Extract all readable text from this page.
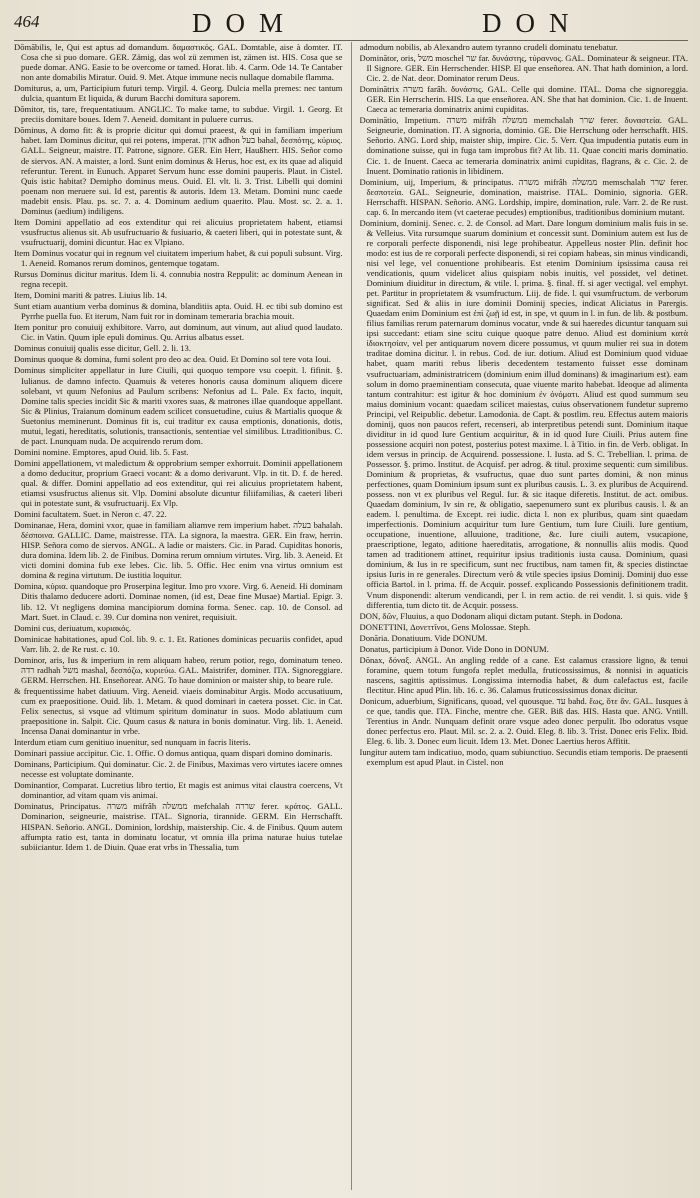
464	DOM	DON

Dōmābilis, le, Qui est aptus ad domandum. δαμαστικός. GAL. Domtable, aise à domter. IT. Cosa che si puo domare. GER. Zämig, das wol zü zemmen ist, zämen ist. HIS. Cosa que se puede domar. ANG. Easie to be overcome or tamed. Horat. lib. 4. Carm. Ode 14. Te Cantaber non ante domabilis Miratur. Ouid. 9. Met. Atque immune necis nullaque domabile flamma.

Domiturus, a, um, Participium futuri temp. Virgil. 4. Georg. Dulcia mella premes: nec tantum dulcia, quantum Et liquida, & durum Bacchi domitura saporem.

Dōmitor, tis, tare, frequentatiuum. ANGLIC. To make tame, to subdue. Virgil. 1. Georg. Et preciis domitare boues. Idem 7. Aeneid. domitant in puluere currus.

Dōminus, A domo fit: & is proprie dicitur qui domui praeest, & qui in familiam imperium habet. Iam Dominus dicitur, qui rei potens, imperat. אדון adhon בעל bahal, δεσπότης, κύριος. GALL. Seigneur, maistre. IT. Patrone, signore. GER. Ein Herr, Haußherr. HIS. Señor como de siervos. AN. A maister, a lord. Sunt enim dominus & Herus, hoc est, ex its quae ad aliquid referuntur. Terent. in Eunuch. Apparet Servum hunc esse domini pauperis. Plaut. in Cistel. Quis istic habitat? Demipho dominus meus. Ouid. El. vlt. li. 3. Trist. Libelli qui domini poenam non meruere sui. Id est, parentis & autoris. Idem 13. Metam. Domini nunc caede madebit ensis. Plau. ps. sc. 7. a. 4. Dominum aedium quaerito. Plau. Most. sc. 2. a. 1. Dominus (aedium) indiligens.

Item Domini appellatio ad eos extenditur qui rei alicuius proprietatem habent, etiamsi vsusfructus alienus sit. Ab usufructuario & fusiuario, & caeteri liberi, qui in potestate sunt, & vsufructuarij, domini dicuntur. Hac ex Vlpiano.

Item Dominus vocatur qui in regnum vel ciuitatem imperium habet, & cui populi subsunt. Virg. 1. Aeneid. Romanos rerum dominos, gentemque togatam.

Rursus Dominus dicitur maritus. Idem li. 4. connubia nostra Reppulit: ac dominum Aenean in regna recepit.

Item, Domini mariti & patres. Liuius lib. 14.

Sunt etiam auantium verba dominus & domina, blanditiis apta. Ouid. H. ec tibi sub domino est Pyrrhe puella fuo. Et iterum, Nam fuit ror in dominam temeraria brachia mouit.

Item ponitur pro conuiuij exhibitore. Varro, aut dominum, aut vinum, aut aliud quod laudato. Cic. in Vatin. Quum iple epuli dominus. Qu. Arrius albatus esset.

Dominus conuiuij qualis esse dicitur, Gell. 2. li. 13.

Dominus quoque & domina, fumi solent pro deo ac dea. Ouid. Et Domino sol tere vota Ioui.

Dominus simpliciter appellatur in Iure Ciuili, qui quoquo tempore vsu coepit. l. fifinit. §. Iulianus. de damno infecto. Quamuis & veteres honoris causa dominum aliquem dicere solebant, vt quum Nefonius ad Paulum scribens: Nefonius ad L. Pale. Ex facto, inquit, Domine talis species incidit Sic & mariti vxores suas, & matrones illae quandoque appellant. Sic & Plinius, Traianum dominum eadem scilicet consuetudine, cuius & Martialis quoque & Suetonius meminerunt. Dominus fit is, cui traditur ex causa emptionis, donationis, dotis, mutui, legati, hereditatis, solutionis, transactionis, sententiae vel similibus. Ltraditionibus. C. de pact. Lnunquam nuda. De acquirendo rerum dom.

Domini nomine. Emptores, apud Ouid. lib. 5. Fast.

Domini appellationem, vt maledictum & opprobrium semper exhorruit. Dominii appellationem a domo deducitur, proprium Graeci vocant: & a domo derivarunt. Vlp. in tit. D. f. de hered. qual. & differ. Domini appellatio ad eos extenditur, qui rei alicuius proprietatem habent, etiamsi vsusfructus alienus sit. Vlp. Domini absolute dicuntur filiifamilias, & caeteri liberi qui in potestate sunt, & vsufructuarij. Ex Vlp.

Domini facultatem. Suet. in Neron c. 47. 22.

Dominanae, Hera, domini vxor, quae in familiam aliamve rem imperium habet. בעלה bahalah. δέσποινα. GALLIC. Dame, maistresse. ITA. La signora, la maestra. GER. Ein fraw, herrin. HISP. Señora como de siervos. ANGL. A ladie or maisters. Cic. in Parad. Cupiditas honoris, dura domina. Idem lib. 2. de Finibus. Domina rerum omnium virtutes. Virg. lib. 3. Aeneid. Et victi domini domina fub exe lebes. Cic. lib. 5. Offic. Hec enim vna virtus omnium est domina & regina virtutum. De iustitia loquitur.

Domina, κύρια. quandoque pro Proserpina legitur. Imo pro vxore. Virg. 6. Aeneid. Hi dominam Ditis thalamo deducere adorti. Dominae nomen, (id est, Deae fine Musae) Martial. Epigr. 3. lib. 12. Vt negligens domina mancipiorum domina forma. Senec. cap. 10. de Consol. ad Mart. Suet. in Claud. c. 39. Cur domina non veniret, requisiuit.

Domini cus, deriuatum, κυριακός.

Dominicae habitationes, apud Col. lib. 9. c. 1. Et. Rationes dominicas pecuariis confidet, apud Varr. lib. 2. de Re rust. c. 10.

Dominor, aris, Ius & imperium in rem aliquam habeo, rerum potior, rego, dominatum teneo. רדה radhah משל mashal, δεσπόζω, κυριεύω. GAL. Maistrifer, dominer. ITA. Signoreggiare. GERM. Herrschen. HI. Enseñorear. ANG. To haue dominion or maister ship, to beare rule.

& frequentissime habet datiuum. Virg. Aeneid. viaeis dominabitur Argis. Modo accusatiuum, cum ex praepositione. Ouid. lib. 1. Metam. & quod dominari in caetera posset. Cic. in Cat. Felix senectus, si vsque ad vltimum spiritum dominatur in suos. Modo ablatiuum cum praepositione in. Salpit. Cic. Quum casus & natura in bonis dominatur. Virg. lib. 1. Aeneid. Incensa Danai dominantur in vrbe.

Interdum etiam cum genitiuo inuenitur, sed nunquam in facris literis.

Dominari passiue accipitur. Cic. 1. Offic. O domus antiqua, quam dispari domino dominaris.

Dominans, Participium. Qui dominatur. Cic. 2. de Finibus, Maximas vero virtutes iacere omnes necesse est voluptate dominante.

Dominantior, Comparat. Lucretius libro tertio, Et magis est animus vitai claustra coercens, Vt dominantior, ad vitam quam vis animai.

Dominatus, Principatus. משרה mifrâh ממשלה mefchalah שררה ferer. κράτος. GALL. Dominarion, seigneurie, maistrise. ITAL. Signoria, tirannide. GERM. Ein Herrschafft. HISPAN. Señorio. ANGL. Dominion, lordship, maistership. Cic. 4. de Finibus. Quum autem affumpta ratio est, tanta in dominatu locatur, vt omnia illa prima naturae huius tutelae subiiciantur. Idem 1. de Diuin. Quae erat vrbs in Thessalia, tum

admodum nobilis, ab Alexandro autem tyranno crudeli dominatu tenebatur.

Dominātor, oris, משל moschel שר far. δυνάστης, τύραννος. GAL. Dominateur & seigneur. ITA. Il Signore. GER. Ein Herrschender. HISP. El que enseñorea. AN. That hath dominion, a lord. Cic. 2. de Nat. deor. Dominator rerum Deus.

Dominātrix משרה farâh. δυνάστις. GAL. Celle qui domine. ITAL. Doma che signoreggia. GER. Ein Herrscherin. HIS. La que enseñorea. AN. She that hat dominion. Cic. 1. de Inuent. Caeca ac temeraria dominatrix animi cupiditas.

Dominātio, Impetium. משרה mifrâh ממשלה memchalah שרר ferer. δυναστεία. GAL. Seigneurie, domination. IT. A signoria, dominio. GE. Die Herrschung oder herrschafft. HIS. Señorio. ANG. Lord ship, maister ship, impire. Cic. 5. Verr. Qua impudentia putatis eum in dominatione suisse, qui in fuga tam improbus fit? At lib. 11. Quae conciti maris dominatio. Cic. 1. de Inuent. Caeca ac temeraria dominatrix animi cupiditas, flagrans, & c. Cic. 2. de Inuent. Dominatio rationis in libidinem.

Dominium, uij, Imperium, & principatus. משרה mifrâh ממשלה memschalah שרר ferer. δεσποτεία. GAL. Seigneurie, domination, maistrise. ITAL. Dominio, signoria. GER. Herrschafft. HISPAN. Señorio. ANG. Lordship, impire, domination, rule. Varr. 2. de Re rust. cap. 6. In mercando item (vt caeterae pecudes) emptionibus, traditionibus dominium mutant.

Dominium, dominij. Senec. c. 2. de Consol. ad Mart. Dare longum dominium malis fuis in se. & Velleius. Vita rursumque suarum dominium et concessit sunt. Dominium autem est Ius de re corporali perfecte disponendi, nisi lege prohibeatur. Appelleus noster Plin. definit hoc modo: est ius de re corporali perfecte disponendi, si rei copiam habeas, sin minus vindicandi, nisi vel lege, vel conuentione prohibearis. Est etenim Dominium ipsissima causa rei vendicationis, quum videlicet alius quispiam nobis inuitis, vel possidet, vel detinet. Dominium diuiditur in directum, & vtile. l. prima. §. final. ff. si ager vectigal. vel emphyt. pet. Partitur in proprietatem & vsumfructum. Liij. de fide. l. qui vsumfructum. de verborum significat. Sed & aliis in iure dominii Dominij species, indicat Aliciatus in Parergis. Quaedam enim Dominium est ἐπὶ ζωῇ id est, in spe, vt quum in l. in fun. de lib. & postbum. filius familias rerum paternarum dominus vocatur, vnde & sui haeredes dicuntur tanquam sui ipsi succedant: etiam sine scitu cuique quoque patre denuo. Aliud est dominium κατὰ ἰδιοκτησίαν, vel per antiquarum novem dicere possumus, vt quum mulier rei sua in dotem traditae domina dicitur. l. in rebus. Cod. de iur. dotium. Aliud est Dominium quod viduae habet, quam mariti rebus liberis decedentem testamento fuisset esse dominam vsufructuariam, administratricem (dominium enim illud dominans) & imaginarium est). eam solum in domo praeminentiam consecuta, quae viuente marito habebat. Ideoque ad alimenta tantum contrahitur: est igitur & hoc dominium ἐν ὀνόματι. Aliud est quod summum seu maius dominium vocant: quaedam scilicet maiestas, cuius observationem fundetur supremo Principi, vel Reipublic. debetur. Lamodonia. de Capt. & postlim. reu. Effectus autem maioris dominij, quos non paucos refert, recenseri, ab interpretibus petendi sunt. Dominium itaque dividitur in id quod Iure Gentium acquiritur, & in id quod Iure Ciuili. Prius autem fine possessione acquiri non potest, posterius potest maxime. l. à Titio. in fin. de Verb. obligat. In idem versus in princip. de Acquirend. possessione. l. Iusta. ad S. C. Trebellian. l. prima. de Possessor. §. primo. Institut. de Acquisf. per adrog. & titul. proxime sequenti: cum similibus. Dominium & proprietas, & vsufructus, quae duo sunt partes domini, & non minus perfectiones, quam Dominium ipsum sunt ex pluribus causis. L. 3. ex pluribus de Acquirend. possess. non vt ex pluribus vel Regul. Iur. & sic itaque diferetis. Institut. de act. omibus. Quaedam dominium, Iv sin re, & obligatio, saepenumero sunt ex pluribus causis. l. & an eadem. l. penultima. de Except. rei iudic. dicta l. non ex pluribus, quam sint quaedam imperfectionis. Dominium acquiritur tum Iure Gentium, tum Iure Ciuili. Iure gentium, occupatione, inuentione, alluuione, traditione, &c. Iure ciuili autem, vsucapione, praescriptione, legato, aditione haereditatis, arrogatione, & nonnullis aliis modis. Quod tamen ad traditionem attinet, requiritur ipsius traditionis iusta causa. Dominium, quasi dominium, & Ius in re specificum, sunt nec fructibus, nam tamen fit, & species distinctae ipsius Iuris in re generales. Directum verò & vtile species ipsius Dominij. Dominij duo esse officia Bartol. in l. prima. ff. de Acquir. possef. explicando Possessionis definitionem tradit. Vnum disponendi: alterum vendicandi, per l. in rem actio. de rei vendit. l. si quis. vide § differentia, tum dicto tit. de Acquir. possess.

DON, δῶν, Fluuius, a quo Dodonam aliqui dictam putant. Steph. in Dodona.

DONETTINI, Δονεττῖνοι, Gens Molossae. Steph.

Donāria. Donatiuum. Vide DONUM.

Donatus, participium à Donor. Vide Dono in DONUM.

Dōnax, δόναξ. ANGL. An angling redde of a cane. Est calamus crassiore ligno, & tenui foramine, quem totum fungofa replet medulla, fruticossissimus, & nonnisi in aquaticis nascens, sagittis aptissimus. Longissima internodia habet, & dum calefactus est, facile flectitur. Hinc apud Plin. lib. 16. c. 36. Calamus fruticossissimus donax dicitur.

Donicum, aduerbium, Significans, quoad, vel quousque. עד bahd. ἕως, ὅτε ἄν. GAL. Iusques à ce que, tandis que. ITA. Finche, mentre che. GER. Biß das. HIS. Hasta que. ANG. Vntill. Terentius in Andr. Nunquam definit orare vsque adeo donec perpulit. Ibo odoratus vsque donec perfectus ero. Plaut. Mil. sc. 2. a. 2. Ouid. Eleg. 8. lib. 3. Trist. Donec eris Felix. Ibid. Eleg. 6. lib. 3. Donec eum licuit. Idem 13. Met. Donec Laertius heros Affitit.

Iungitur autem tam indicatiuo, modo, quam subiunctiuo. Secundis etiam temporis. De praesenti exemplum est apud Plaut. in Cistel. non
